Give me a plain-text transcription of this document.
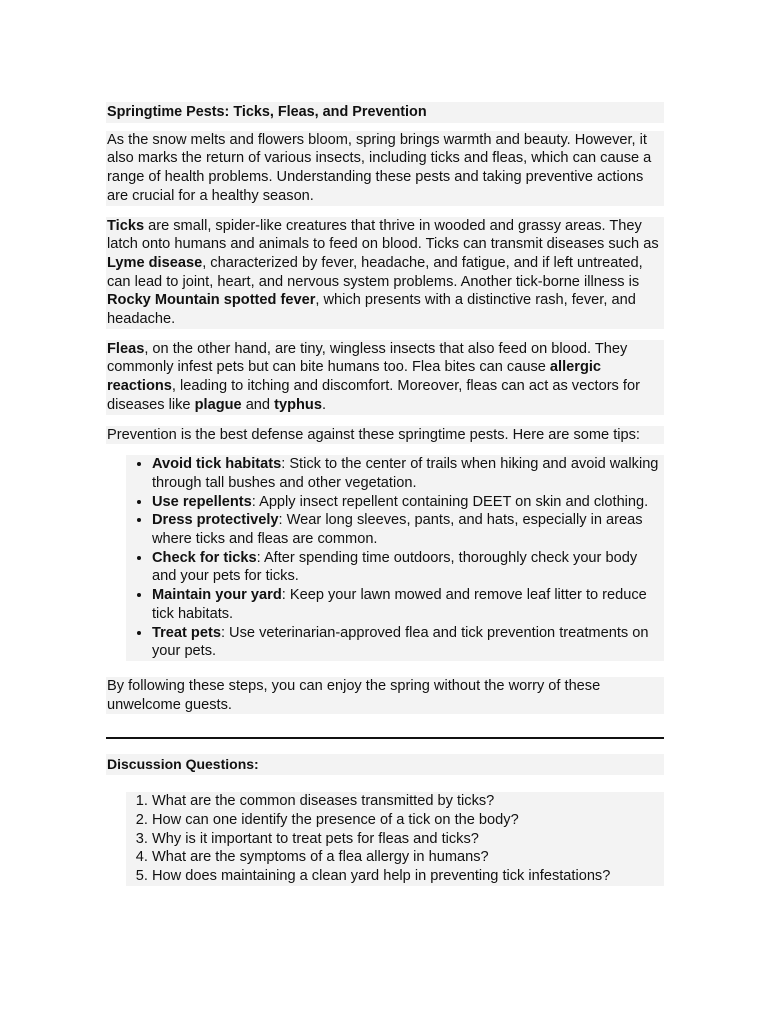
Springtime Pests: Ticks, Fleas, and Prevention

As the snow melts and flowers bloom, spring brings warmth and beauty. However, it also marks the return of various insects, including ticks and fleas, which can cause a range of health problems. Understanding these pests and taking preventive actions are crucial for a healthy season.

Ticks are small, spider-like creatures that thrive in wooded and grassy areas. They latch onto humans and animals to feed on blood. Ticks can transmit diseases such as Lyme disease, characterized by fever, headache, and fatigue, and if left untreated, can lead to joint, heart, and nervous system problems. Another tick-borne illness is Rocky Mountain spotted fever, which presents with a distinctive rash, fever, and headache.

Fleas, on the other hand, are tiny, wingless insects that also feed on blood. They commonly infest pets but can bite humans too. Flea bites can cause allergic reactions, leading to itching and discomfort. Moreover, fleas can act as vectors for diseases like plague and typhus.

Prevention is the best defense against these springtime pests. Here are some tips:

• Avoid tick habitats: Stick to the center of trails when hiking and avoid walking through tall bushes and other vegetation.
• Use repellents: Apply insect repellent containing DEET on skin and clothing.
• Dress protectively: Wear long sleeves, pants, and hats, especially in areas where ticks and fleas are common.
• Check for ticks: After spending time outdoors, thoroughly check your body and your pets for ticks.
• Maintain your yard: Keep your lawn mowed and remove leaf litter to reduce tick habitats.
• Treat pets: Use veterinarian-approved flea and tick prevention treatments on your pets.

By following these steps, you can enjoy the spring without the worry of these unwelcome guests.

Discussion Questions:
1. What are the common diseases transmitted by ticks?
2. How can one identify the presence of a tick on the body?
3. Why is it important to treat pets for fleas and ticks?
4. What are the symptoms of a flea allergy in humans?
5. How does maintaining a clean yard help in preventing tick infestations?
